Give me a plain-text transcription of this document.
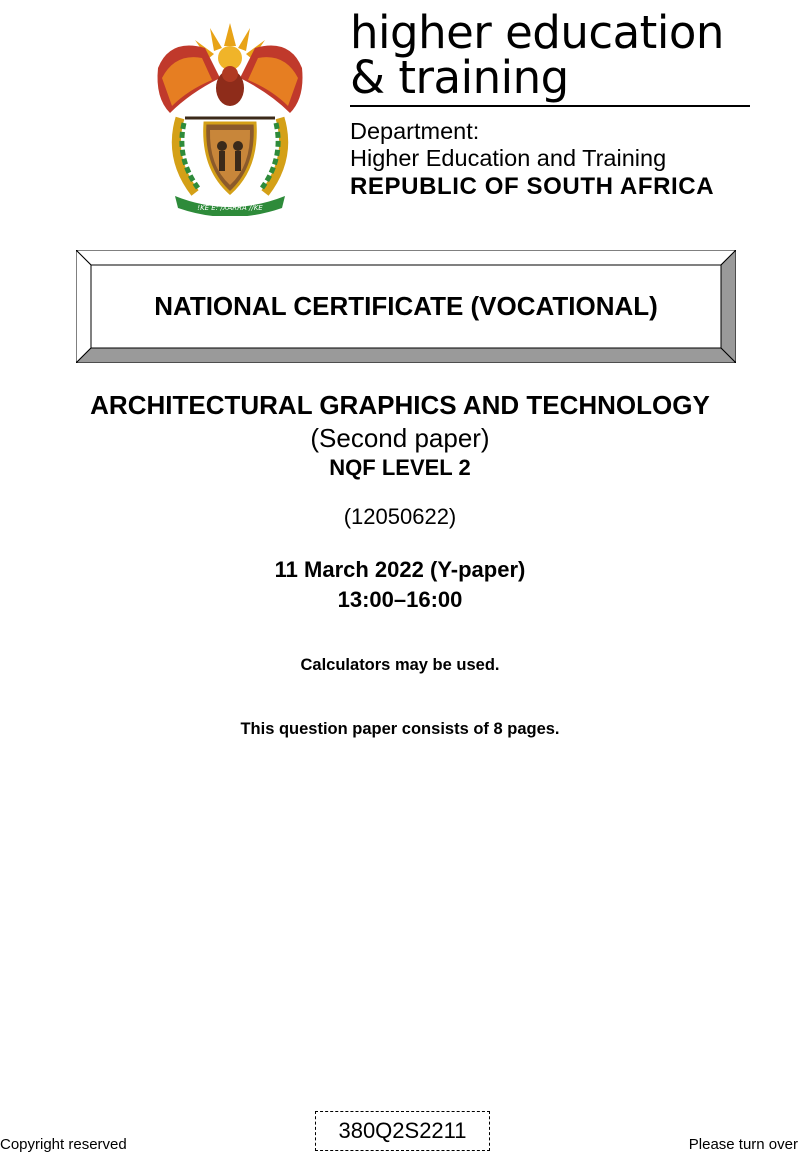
!KE E: /XARRA //KE
higher education
& training
Department:
Higher Education and Training
REPUBLIC OF SOUTH AFRICA
NATIONAL CERTIFICATE (VOCATIONAL)
ARCHITECTURAL GRAPHICS AND TECHNOLOGY
(Second paper)
NQF LEVEL 2
(12050622)
11 March 2022 (Y-paper)
13:00–16:00
Calculators may be used.
This question paper consists of 8 pages.
Copyright reserved
380Q2S2211
Please turn over
